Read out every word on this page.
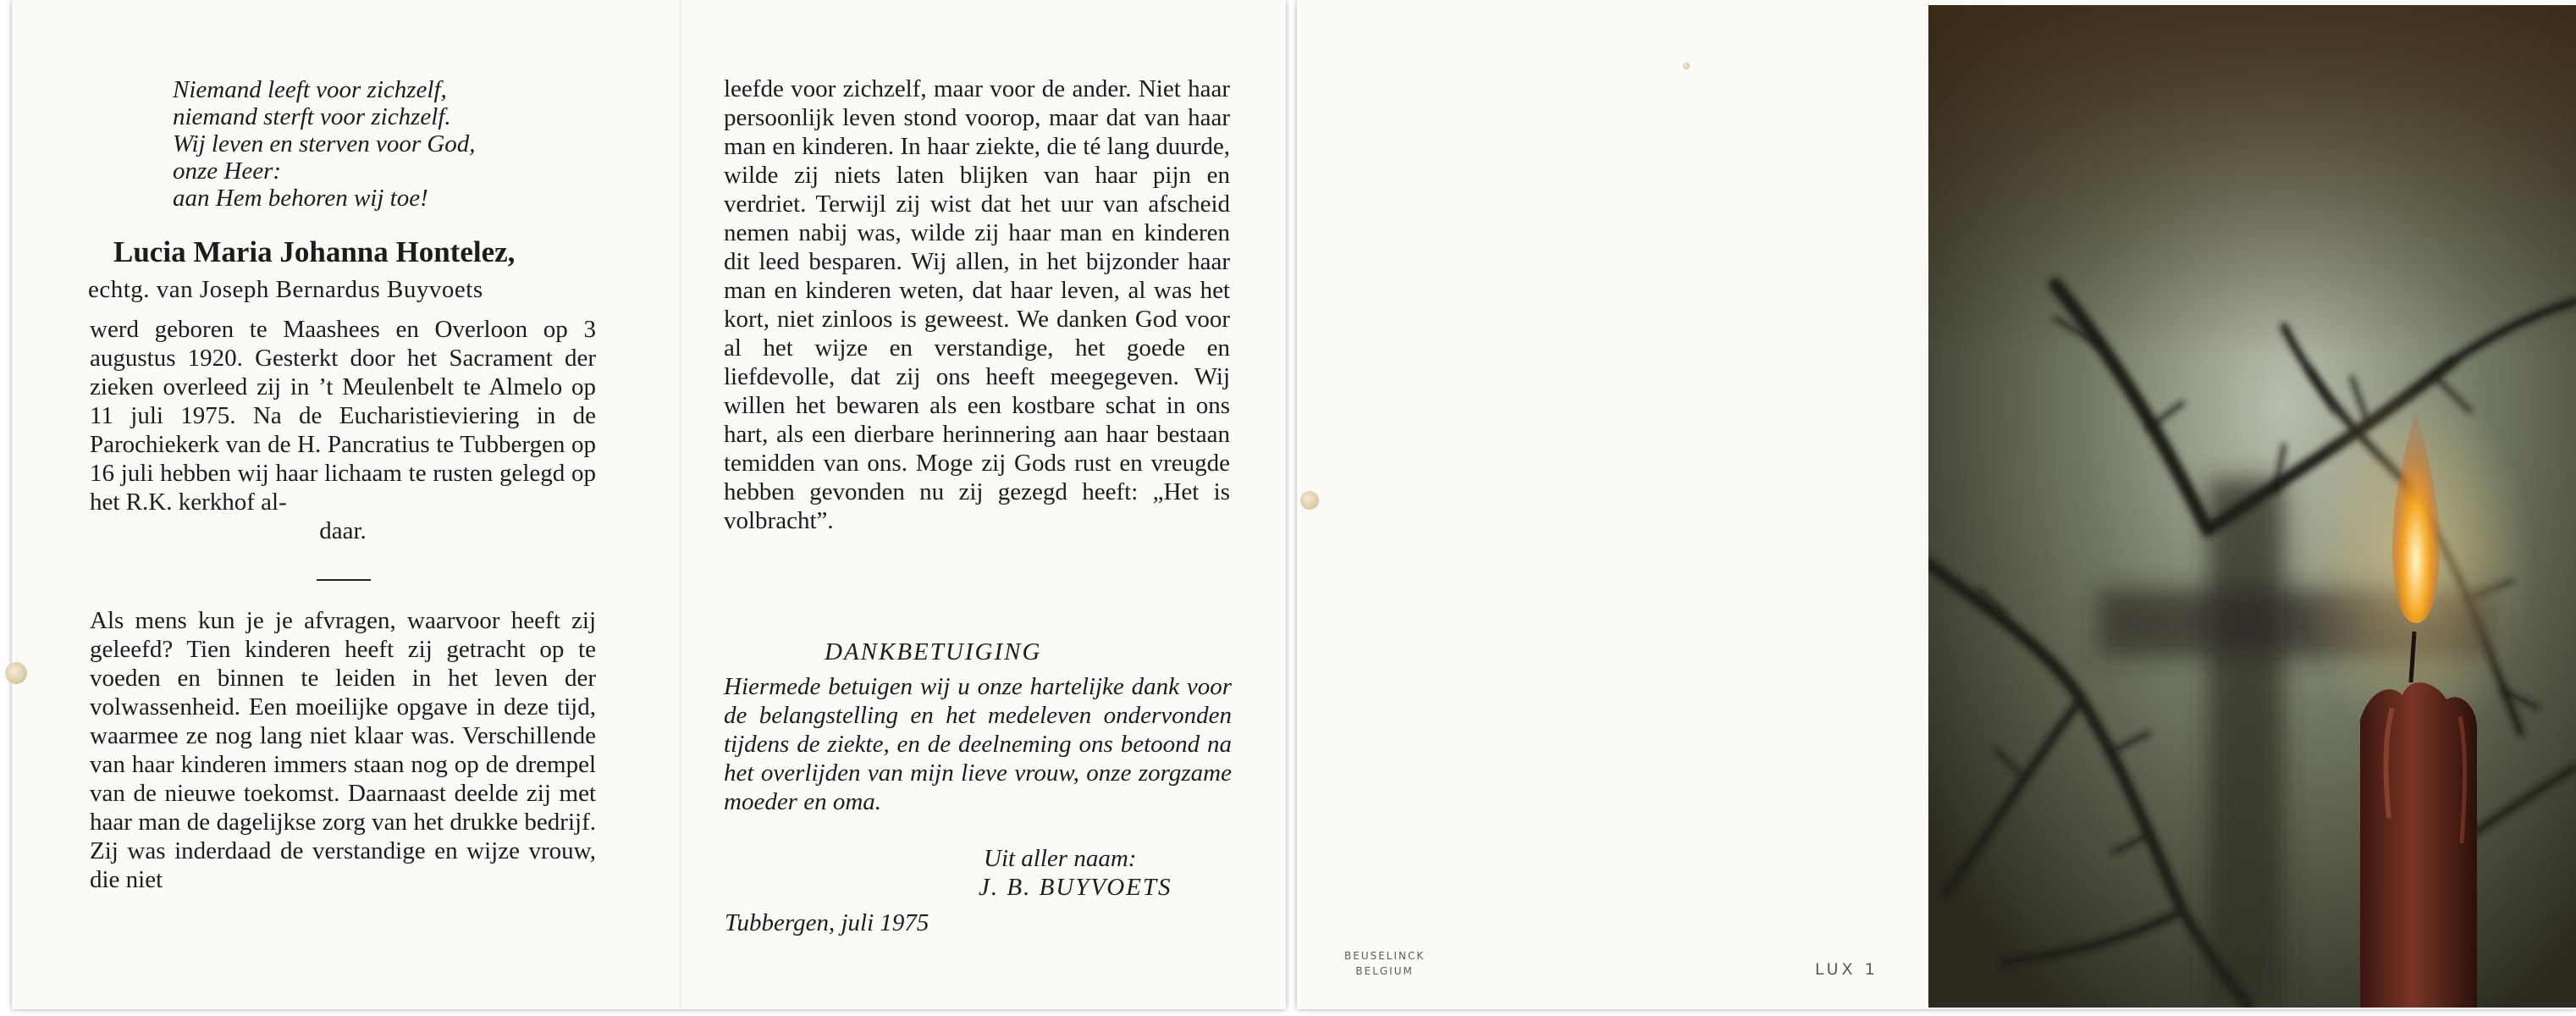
Niemand leeft voor zichzelf,
niemand sterft voor zichzelf.
Wij leven en sterven voor God,
onze Heer:
aan Hem behoren wij toe!
Lucia Maria Johanna Hontelez,
echtg. van Joseph Bernardus Buyvoets

werd geboren te Maashees en Overloon op 3 augustus 1920. Gesterkt door het Sacrament der zieken overleed zij in ’t Meulenbelt te Almelo op 11 juli 1975. Na de Eucharistieviering in de Parochiekerk van de H. Pancratius te Tubbergen op 16 juli hebben wij haar lichaam te rusten gelegd op het R.K. kerkhof al-

daar.

Als mens kun je je afvragen, waarvoor heeft zij geleefd? Tien kinderen heeft zij getracht op te voeden en binnen te leiden in het leven der volwassenheid. Een moeilijke opgave in deze tijd, waarmee ze nog lang niet klaar was. Verschillende van haar kinderen immers staan nog op de drempel van de nieuwe toekomst. Daarnaast deelde zij met haar man de dagelijkse zorg van het drukke bedrijf. Zij was inderdaad de verstandige en wijze vrouw, die niet

leefde voor zichzelf, maar voor de ander. Niet haar persoonlijk leven stond voorop, maar dat van haar man en kinderen. In haar ziekte, die té lang duurde, wilde zij niets laten blijken van haar pijn en verdriet. Terwijl zij wist dat het uur van afscheid nemen nabij was, wilde zij haar man en kinderen dit leed besparen. Wij allen, in het bijzonder haar man en kinderen weten, dat haar leven, al was het kort, niet zinloos is geweest. We danken God voor al het wijze en verstandige, het goede en liefdevolle, dat zij ons heeft meegegeven. Wij willen het bewaren als een kostbare schat in ons hart, als een dierbare herinnering aan haar bestaan temidden van ons. Moge zij Gods rust en vreugde hebben gevonden nu zij gezegd heeft: „Het is volbracht”.

DANKBETUIGING

Hiermede betuigen wij u onze hartelijke dank voor de belangstelling en het medeleven ondervonden tijdens de ziekte, en de deelneming ons betoond na het overlijden van mijn lieve vrouw, onze zorgzame moeder en oma.

Uit aller naam:
J. B. BUYVOETS
Tubbergen, juli 1975
BEUSELINCK
BELGIUM	LUX 1
